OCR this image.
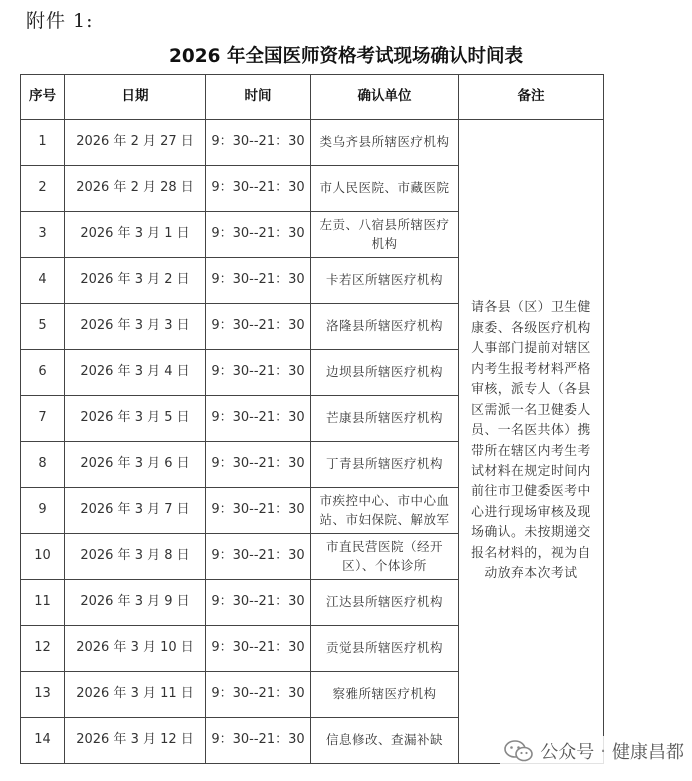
附件 1:
2026 年全国医师资格考试现场确认时间表
序号	日期	时间	确认单位	备注
1	2026 年 2 月 27 日	9：30--21：30	类乌齐县所辖医疗机构	请各县（区）卫生健康委、各级医疗机构人事部门提前对辖区内考生报考材料严格审核，派专人（各县区需派一名卫健委人员、一名医共体）携带所在辖区内考生考试材料在规定时间内前往市卫健委医考中心进行现场审核及现场确认。未按期递交报名材料的，视为自动放弃本次考试
2	2026 年 2 月 28 日	9：30--21：30	市人民医院、市藏医院	
3	2026 年 3 月 1 日	9：30--21：30	左贡、八宿县所辖医疗机构	
4	2026 年 3 月 2 日	9：30--21：30	卡若区所辖医疗机构	
5	2026 年 3 月 3 日	9：30--21：30	洛隆县所辖医疗机构	
6	2026 年 3 月 4 日	9：30--21：30	边坝县所辖医疗机构	
7	2026 年 3 月 5 日	9：30--21：30	芒康县所辖医疗机构	
8	2026 年 3 月 6 日	9：30--21：30	丁青县所辖医疗机构	
9	2026 年 3 月 7 日	9：30--21：30	市疾控中心、市中心血站、市妇保院、解放军	
10	2026 年 3 月 8 日	9：30--21：30	市直民营医院（经开区）、个体诊所	
11	2026 年 3 月 9 日	9：30--21：30	江达县所辖医疗机构	
12	2026 年 3 月 10 日	9：30--21：30	贡觉县所辖医疗机构	
13	2026 年 3 月 11 日	9：30--21：30	察雅所辖医疗机构	
14	2026 年 3 月 12 日	9：30--21：30	信息修改、查漏补缺	
公众号 · 健康昌都
